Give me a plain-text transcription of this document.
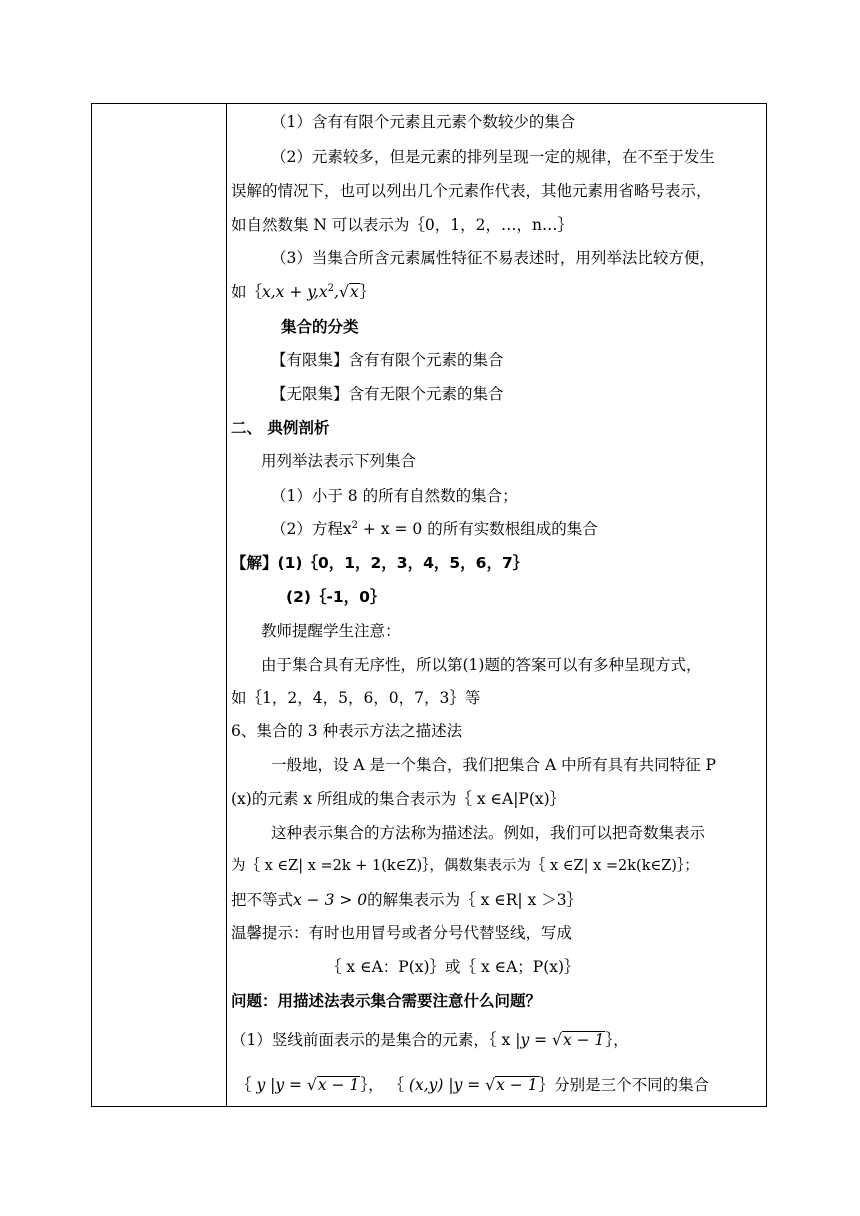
（1）含有有限个元素且元素个数较少的集合
（2）元素较多，但是元素的排列呈现一定的规律，在不至于发生
误解的情况下，也可以列出几个元素作代表，其他元素用省略号表示，
如自然数集 N 可以表示为｛0，1，2，…，n…｝
（3）当集合所含元素属性特征不易表述时，用列举法比较方便，
如｛x,x + $y,x^2,√x\}$
集合的分类
【有限集】含有有限个元素的集合
【无限集】含有无限个元素的集合
二、 典例剖析
用列举法表示下列集合
（1）小于 8 的所有自然数的集合；
（2）方程$x^2 + x = 0$ 的所有实数根组成的集合
【解】(1)｛0，1，2，3，4，5，6，7｝
(2)｛-1，0｝
教师提醒学生注意：
由于集合具有无序性，所以第(1)题的答案可以有多种呈现方式，
如｛1，2，4，5，6，0，7，3｝等
6、集合的 3 种表示方法之描述法
一般地，设 A 是一个集合，我们把集合 A 中所有具有共同特征 P
(x)的元素 x 所组成的集合表示为｛ x ∈A|P(x)｝
这种表示集合的方法称为描述法。例如，我们可以把奇数集表示
为｛ x ∈Z| x =2k + 1(k∈Z)｝，偶数集表示为｛ x ∈Z| x =2k(k∈Z)｝；
把不等式x − 3 > 0的解集表示为｛ x ∈R| x ＞3｝
温馨提示：有时也用冒号或者分号代替竖线，写成
｛ x ∈A：P(x)｝或｛ x ∈A；P(x)｝
问题：用描述法表示集合需要注意什么问题？
（1）竖线前面表示的是集合的元素，｛ x |y = √x − 1｝，
｛ y |y = √x − 1｝， ｛ (x,y) |y = √x − 1｝分别是三个不同的集合
